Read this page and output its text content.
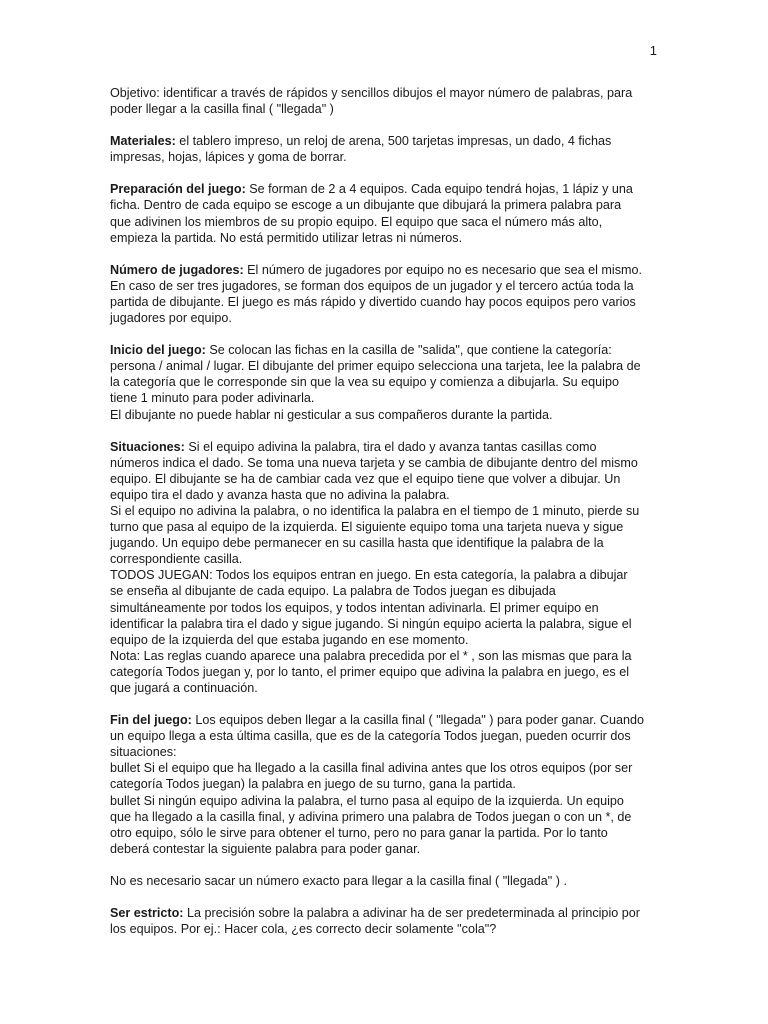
1

Objetivo: identificar a través de rápidos y sencillos dibujos el mayor número de palabras, para
poder llegar a la casilla final ( "llegada" )

Materiales: el tablero impreso, un reloj de arena, 500 tarjetas impresas, un dado, 4 fichas
impresas, hojas, lápices y goma de borrar.

Preparación del juego: Se forman de 2 a 4 equipos. Cada equipo tendrá hojas, 1 lápiz y una
ficha. Dentro de cada equipo se escoge a un dibujante que dibujará la primera palabra para
que adivinen los miembros de su propio equipo. El equipo que saca el número más alto,
empieza la partida. No está permitido utilizar letras ni números.

Número de jugadores: El número de jugadores por equipo no es necesario que sea el mismo.
En caso de ser tres jugadores, se forman dos equipos de un jugador y el tercero actúa toda la
partida de dibujante. El juego es más rápido y divertido cuando hay pocos equipos pero varios
jugadores por equipo.

Inicio del juego: Se colocan las fichas en la casilla de "salida", que contiene la categoría:
persona / animal / lugar. El dibujante del primer equipo selecciona una tarjeta, lee la palabra de
la categoría que le corresponde sin que la vea su equipo y comienza a dibujarla. Su equipo
tiene 1 minuto para poder adivinarla.
El dibujante no puede hablar ni gesticular a sus compañeros durante la partida.

Situaciones: Si el equipo adivina la palabra, tira el dado y avanza tantas casillas como
números indica el dado. Se toma una nueva tarjeta y se cambia de dibujante dentro del mismo
equipo. El dibujante se ha de cambiar cada vez que el equipo tiene que volver a dibujar. Un
equipo tira el dado y avanza hasta que no adivina la palabra.
Si el equipo no adivina la palabra, o no identifica la palabra en el tiempo de 1 minuto, pierde su
turno que pasa al equipo de la izquierda. El siguiente equipo toma una tarjeta nueva y sigue
jugando. Un equipo debe permanecer en su casilla hasta que identifique la palabra de la
correspondiente casilla.
TODOS JUEGAN: Todos los equipos entran en juego. En esta categoría, la palabra a dibujar
se enseña al dibujante de cada equipo. La palabra de Todos juegan es dibujada
simultáneamente por todos los equipos, y todos intentan adivinarla. El primer equipo en
identificar la palabra tira el dado y sigue jugando. Si ningún equipo acierta la palabra, sigue el
equipo de la izquierda del que estaba jugando en ese momento.
Nota: Las reglas cuando aparece una palabra precedida por el * , son las mismas que para la
categoría Todos juegan y, por lo tanto, el primer equipo que adivina la palabra en juego, es el
que jugará a continuación.

Fin del juego: Los equipos deben llegar a la casilla final ( "llegada" ) para poder ganar. Cuando
un equipo llega a esta última casilla, que es de la categoría Todos juegan, pueden ocurrir dos
situaciones:
bullet Si el equipo que ha llegado a la casilla final adivina antes que los otros equipos (por ser
categoría Todos juegan) la palabra en juego de su turno, gana la partida.
bullet Si ningún equipo adivina la palabra, el turno pasa al equipo de la izquierda. Un equipo
que ha llegado a la casilla final, y adivina primero una palabra de Todos juegan o con un *, de
otro equipo, sólo le sirve para obtener el turno, pero no para ganar la partida. Por lo tanto
deberá contestar la siguiente palabra para poder ganar.

No es necesario sacar un número exacto para llegar a la casilla final ( "llegada" ) .

Ser estricto: La precisión sobre la palabra a adivinar ha de ser predeterminada al principio por
los equipos. Por ej.: Hacer cola, ¿es correcto decir solamente "cola"?
